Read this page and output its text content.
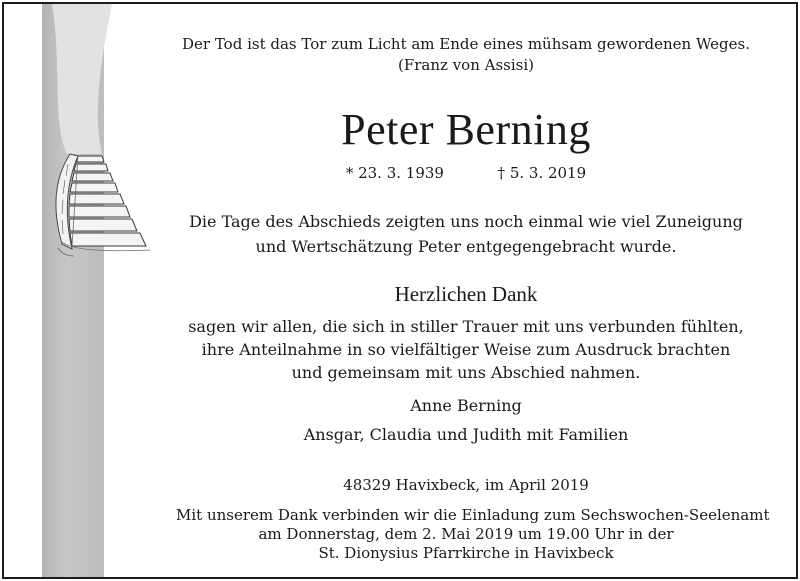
Der Tod ist das Tor zum Licht am Ende eines mühsam gewordenen Weges.
(Franz von Assisi)
Peter Berning
* 23. 3. 1939	† 5. 3. 2019
Die Tage des Abschieds zeigten uns noch einmal wie viel Zuneigung
und Wertschätzung Peter entgegengebracht wurde.
Herzlichen Dank
sagen wir allen, die sich in stiller Trauer mit uns verbunden fühlten,
ihre Anteilnahme in so vielfältiger Weise zum Ausdruck brachten
und gemeinsam mit uns Abschied nahmen.
Anne Berning
Ansgar, Claudia und Judith mit Familien
48329 Havixbeck, im April 2019
Mit unserem Dank verbinden wir die Einladung zum Sechswochen-Seelenamt
am Donnerstag, dem 2. Mai 2019 um 19.00 Uhr in der
St. Dionysius Pfarrkirche in Havixbeck
